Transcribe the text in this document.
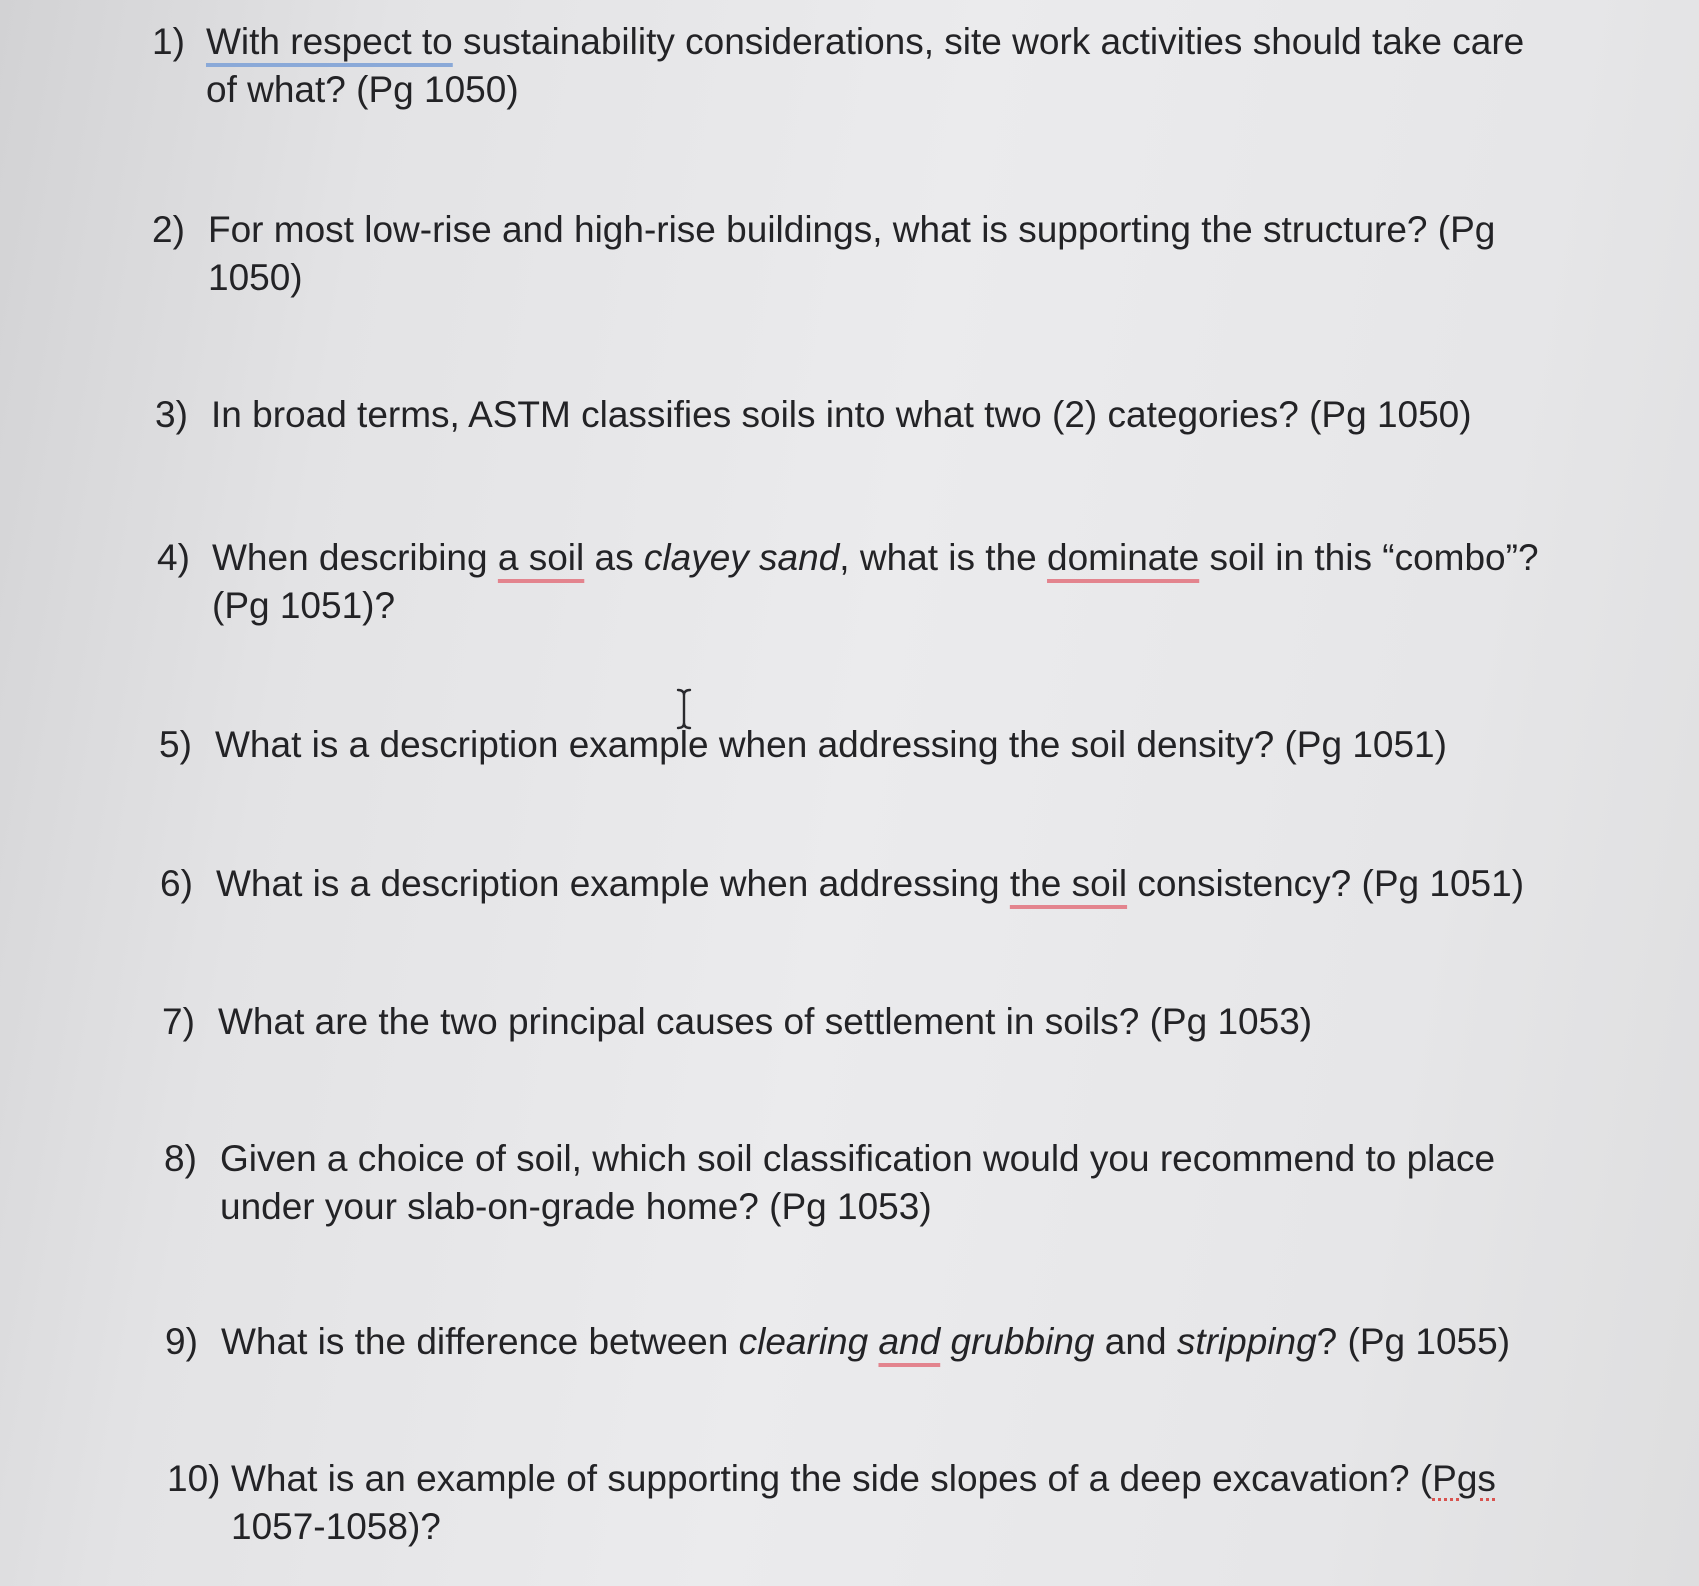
1) With respect to sustainability considerations, site work activities should take care
of what? (Pg 1050)
2) For most low-rise and high-rise buildings, what is supporting the structure? (Pg
1050)
3) In broad terms, ASTM classifies soils into what two (2) categories? (Pg 1050)
4) When describing a soil as clayey sand, what is the dominate soil in this “combo”?
(Pg 1051)?
5) What is a description example when addressing the soil density? (Pg 1051)
6) What is a description example when addressing the soil consistency? (Pg 1051)
7) What are the two principal causes of settlement in soils? (Pg 1053)
8) Given a choice of soil, which soil classification would you recommend to place
under your slab-on-grade home? (Pg 1053)
9) What is the difference between clearing and grubbing and stripping? (Pg 1055)
10) What is an example of supporting the side slopes of a deep excavation? (Pgs
1057-1058)?
